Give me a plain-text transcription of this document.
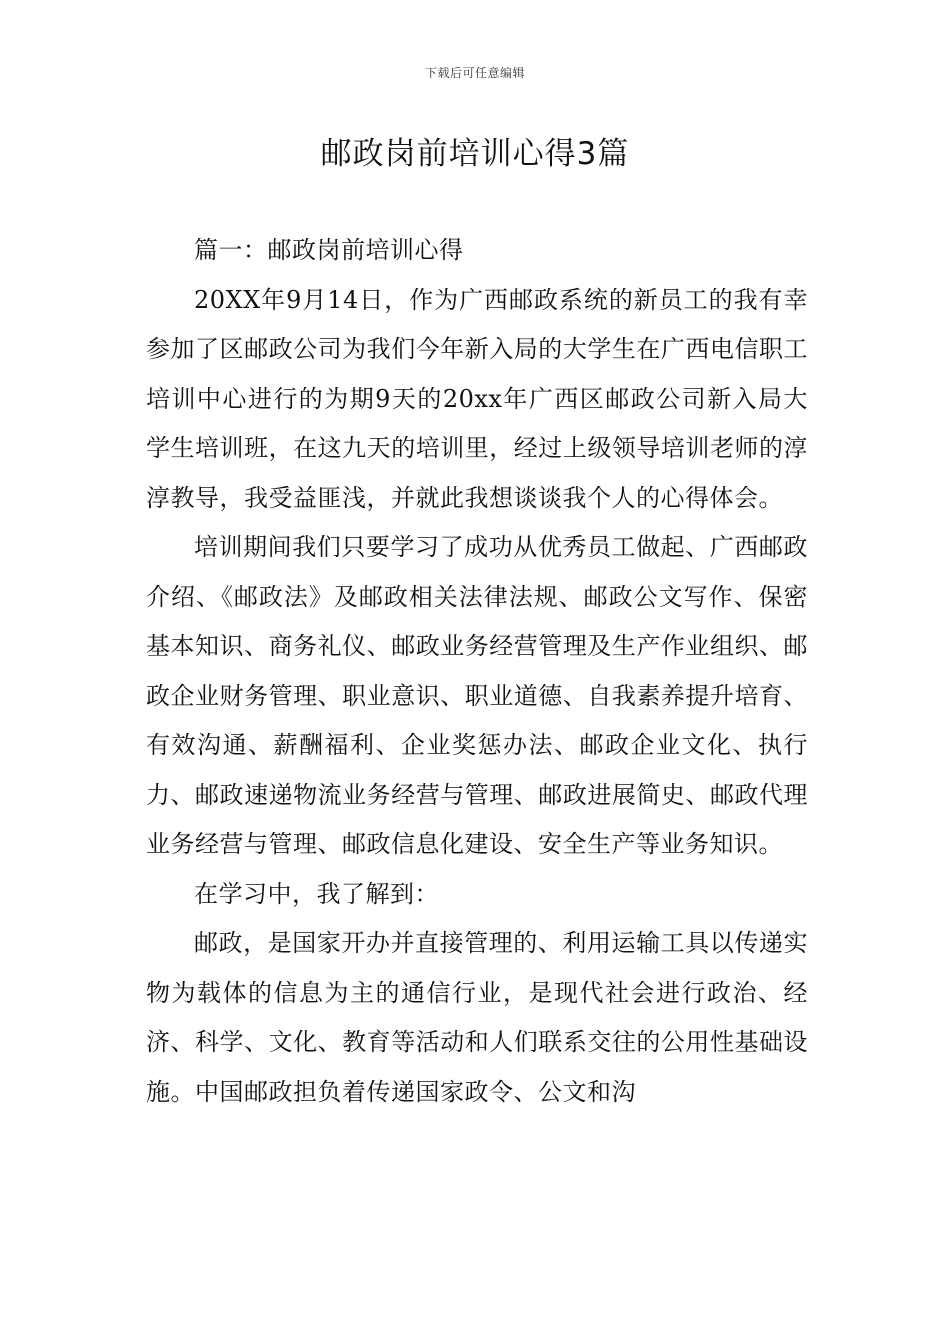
下载后可任意编辑
邮政岗前培训心得3篇

篇一：邮政岗前培训心得

20XX年9月14日，作为广西邮政系统的新员工的我有幸参加了区邮政公司为我们今年新入局的大学生在广西电信职工培训中心进行的为期9天的20xx年广西区邮政公司新入局大学生培训班，在这九天的培训里，经过上级领导培训老师的淳淳教导，我受益匪浅，并就此我想谈谈我个人的心得体会。

培训期间我们只要学习了成功从优秀员工做起、广西邮政介绍、《邮政法》及邮政相关法律法规、邮政公文写作、保密基本知识、商务礼仪、邮政业务经营管理及生产作业组织、邮政企业财务管理、职业意识、职业道德、自我素养提升培育、有效沟通、薪酬福利、企业奖惩办法、邮政企业文化、执行力、邮政速递物流业务经营与管理、邮政进展简史、邮政代理业务经营与管理、邮政信息化建设、安全生产等业务知识。

在学习中，我了解到：

邮政，是国家开办并直接管理的、利用运输工具以传递实物为载体的信息为主的通信行业，是现代社会进行政治、经济、科学、文化、教育等活动和人们联系交往的公用性基础设施。中国邮政担负着传递国家政令、公文和沟
